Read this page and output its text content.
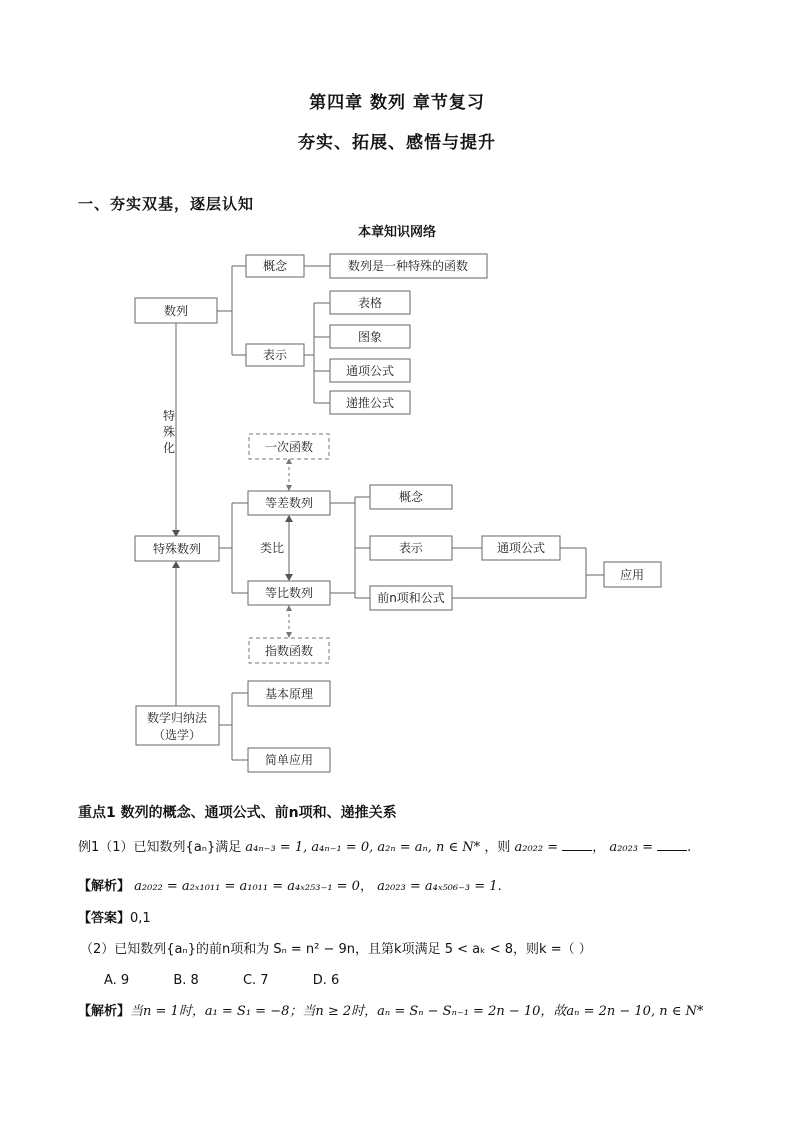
第四章 数列 章节复习
夯实、拓展、感悟与提升
一、夯实双基，逐层认知
本章知识网络
数列
概念	数列是一种特殊的函数
表示
表格
图象
通项公式
递推公式
特
殊
化	一次函数
等差数列
特殊数列	类比
等比数列
指数函数
概念
表示
前n项和公式
通项公式
应用
数学归纳法
（选学）
基本原理
简单应用
重点1 数列的概念、通项公式、前n项和、递推关系
例1（1）已知数列{aₙ}满足 a₄ₙ₋₃ = 1, a₄ₙ₋₁ = 0, a₂ₙ = aₙ, n ∈ N* ，则 a₂₀₂₂ =	， a₂₀₂₃ =	.
【解析】 a₂₀₂₂ = a₂ₓ₁₀₁₁ = a₁₀₁₁ = a₄ₓ₂₅₃₋₁ = 0， a₂₀₂₃ = a₄ₓ₅₀₆₋₃ = 1.
【答案】0,1
（2）已知数列{aₙ}的前n项和为 Sₙ = n² − 9n，且第k项满足 5 < aₖ < 8，则k =（ ）
A. 9	B. 8	C. 7	D. 6
【解析】当n = 1时，a₁ = S₁ = −8；当n ≥ 2时，aₙ = Sₙ − Sₙ₋₁ = 2n − 10，故aₙ = 2n − 10, n ∈ N*
